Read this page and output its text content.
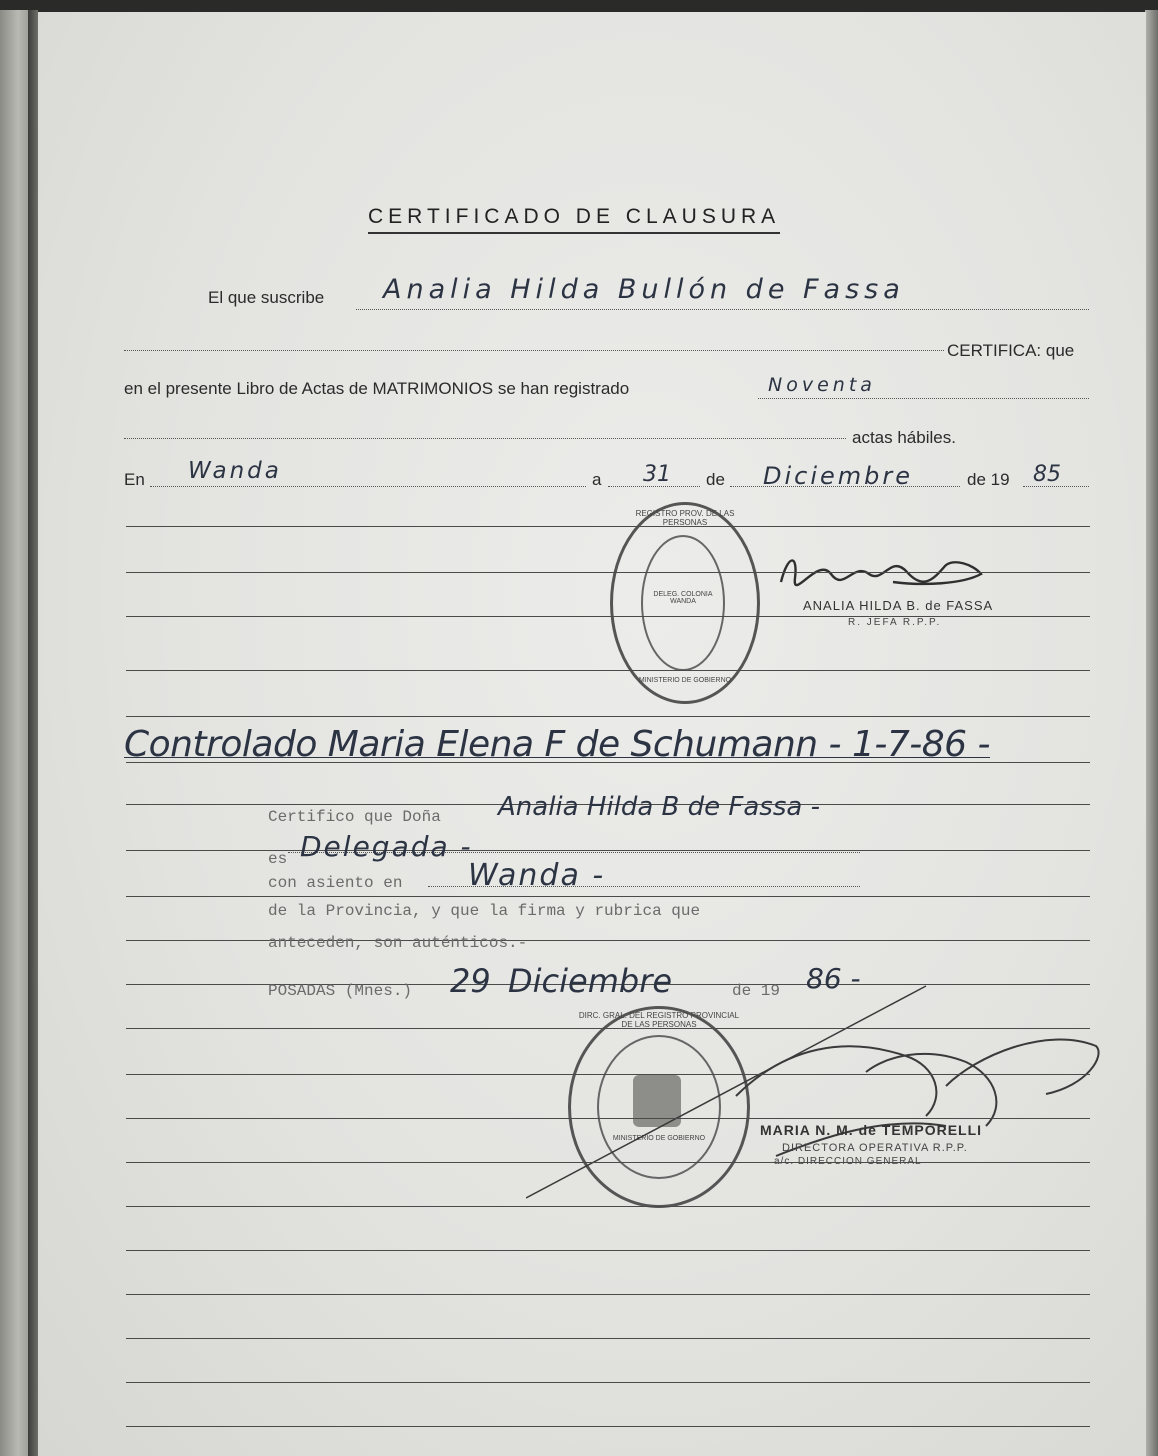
CERTIFICADO DE CLAUSURA
El que suscribe Analia Hilda Bullón de Fassa
CERTIFICA: que
en el presente Libro de Actas de MATRIMONIOS se han registrado	Noventa
actas hábiles.
En Wanda	a 31 de Diciembre	de 19 85
REGISTRO PROV. DE LAS PERSONAS
DELEG. COLONIA WANDA
MINISTERIO DE GOBIERNO
ANALIA HILDA B. de FASSA
R. JEFA R.P.P.
Controlado Maria Elena F de Schumann - 1-7-86 -
Certifico que Doña Analia Hilda B de Fassa -
es Delegada -
con asiento en Wanda -
de la Provincia, y que la firma y rubrica que
anteceden, son auténticos.-
POSADAS (Mnes.) 29 Diciembre	de 19 86 -
DIRC. GRAL. DEL REGISTRO PROVINCIAL DE LAS PERSONAS
MINISTERIO DE GOBIERNO
MARIA N. M. de TEMPORELLI
DIRECTORA OPERATIVA R.P.P.
a/c. DIRECCION GENERAL
